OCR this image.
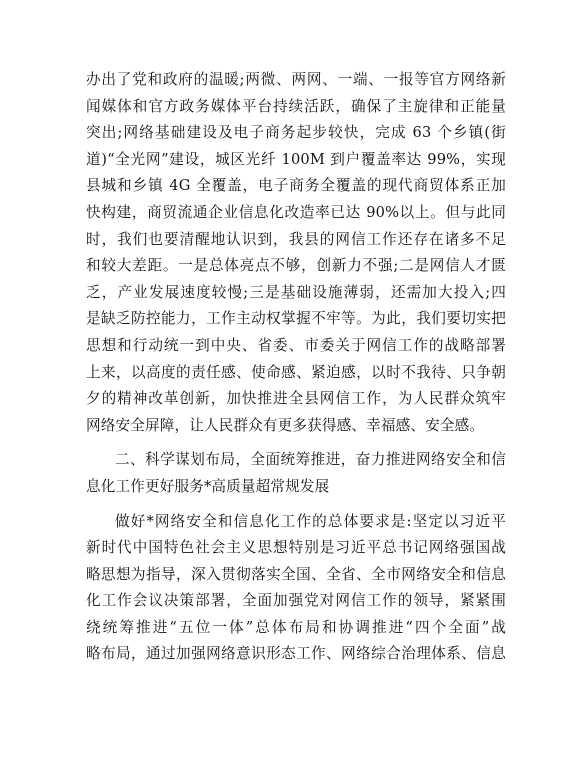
办出了党和政府的温暖;两微、两网、一端、一报等官方网络新
闻媒体和官方政务媒体平台持续活跃，确保了主旋律和正能量
突出;网络基础建设及电子商务起步较快，完成 63 个乡镇(街
道)“全光网”建设，城区光纤 100M 到户覆盖率达 99%，实现
县城和乡镇 4G 全覆盖，电子商务全覆盖的现代商贸体系正加
快构建，商贸流通企业信息化改造率已达 90%以上。但与此同
时，我们也要清醒地认识到，我县的网信工作还存在诸多不足
和较大差距。一是总体亮点不够，创新力不强;二是网信人才匮
乏，产业发展速度较慢;三是基础设施薄弱，还需加大投入;四
是缺乏防控能力，工作主动权掌握不牢等。为此，我们要切实把
思想和行动统一到中央、省委、市委关于网信工作的战略部署
上来，以高度的责任感、使命感、紧迫感，以时不我待、只争朝
夕的精神改革创新，加快推进全县网信工作，为人民群众筑牢
网络安全屏障，让人民群众有更多获得感、幸福感、安全感。
二、科学谋划布局，全面统筹推进，奋力推进网络安全和信
息化工作更好服务*高质量超常规发展
做好*网络安全和信息化工作的总体要求是:坚定以习近平
新时代中国特色社会主义思想特别是习近平总书记网络强国战
略思想为指导，深入贯彻落实全国、全省、全市网络安全和信息
化工作会议决策部署，全面加强党对网信工作的领导，紧紧围
绕统筹推进“五位一体”总体布局和协调推进“四个全面”战
略布局，通过加强网络意识形态工作、网络综合治理体系、信息
